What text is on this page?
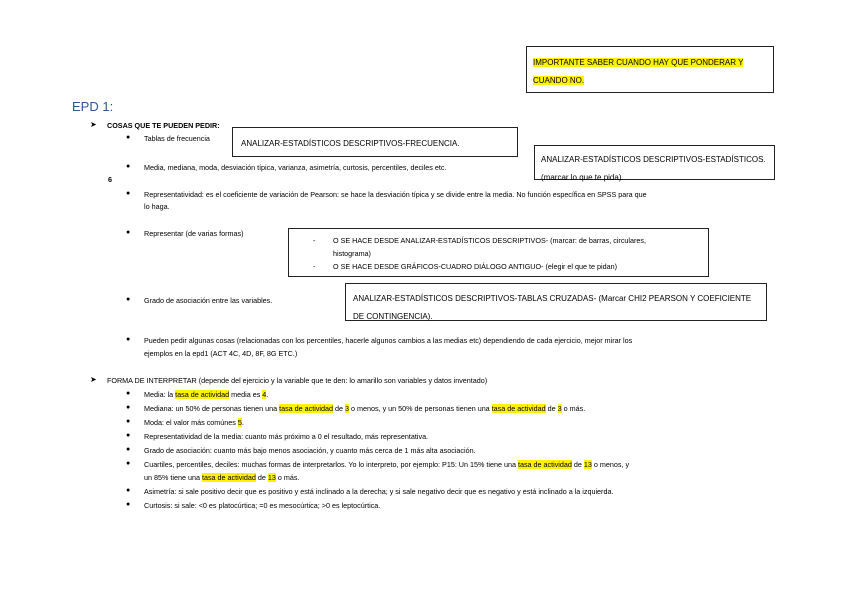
IMPORTANTE SABER CUANDO HAY QUE PONDERAR Y CUANDO NO.
EPD 1:
➤ COSAS QUE TE PUEDEN PEDIR:
● Tablas de frecuencia
ANALIZAR-ESTADÍSTICOS DESCRIPTIVOS-FRECUENCIA.
● Media, mediana, moda, desviación típica, varianza, asimetría, curtosis, percentiles, deciles etc.
ANALIZAR-ESTADÍSTICOS DESCRIPTIVOS-ESTADÍSTICOS. (marcar lo que te pida)
6
● Representatividad: es el coeficiente de variación de Pearson: se hace la desviación típica y se divide entre la media. No función específica en SPSS para que
lo haga.
● Representar (de varias formas)
- O SE HACE DESDE ANALIZAR-ESTADÍSTICOS DESCRIPTIVOS- (marcar: de barras, circulares,
histograma)
- O SE HACE DESDE GRÁFICOS-CUADRO DIÁLOGO ANTIGUO- (elegir el que te pidan)
● Grado de asociación entre las variables.	ANALIZAR-ESTADÍSTICOS DESCRIPTIVOS-TABLAS CRUZADAS- (Marcar CHI2 PEARSON Y COEFICIENTE DE CONTINGENCIA).
● Pueden pedir algunas cosas (relacionadas con los percentiles, hacerle algunos cambios a las medias etc) dependiendo de cada ejercicio, mejor mirar los
ejemplos en la epd1 (ACT 4C, 4D, 8F, 8G ETC.)
➤ FORMA DE INTERPRETAR (depende del ejercicio y la variable que te den: lo amarillo son variables y datos inventado)
● Media: la tasa de actividad media es 4.
● Mediana: un 50% de personas tienen una tasa de actividad de 3 o menos, y un 50% de personas tienen una tasa de actividad de 3 o más.
● Moda: el valor más comúnes 5.
● Representatividad de la media: cuanto más próximo a 0 el resultado, más representativa.
● Grado de asociación: cuanto más bajo menos asociación, y cuanto más cerca de 1 más alta asociación.
● Cuartiles, percentiles, deciles: muchas formas de interpretarlos. Yo lo interpreto, por ejemplo: P15: Un 15% tiene una tasa de actividad de 13 o menos, y
un 85% tiene una tasa de actividad de 13 o más.
● Asimetría: si sale positivo decir que es positivo y está inclinado a la derecha; y si sale negativo decir que es negativo y está inclinado a la izquierda.
● Curtosis: si sale: <0 es platocúrtica; =0 es mesocúrtica; >0 es leptocúrtica.
